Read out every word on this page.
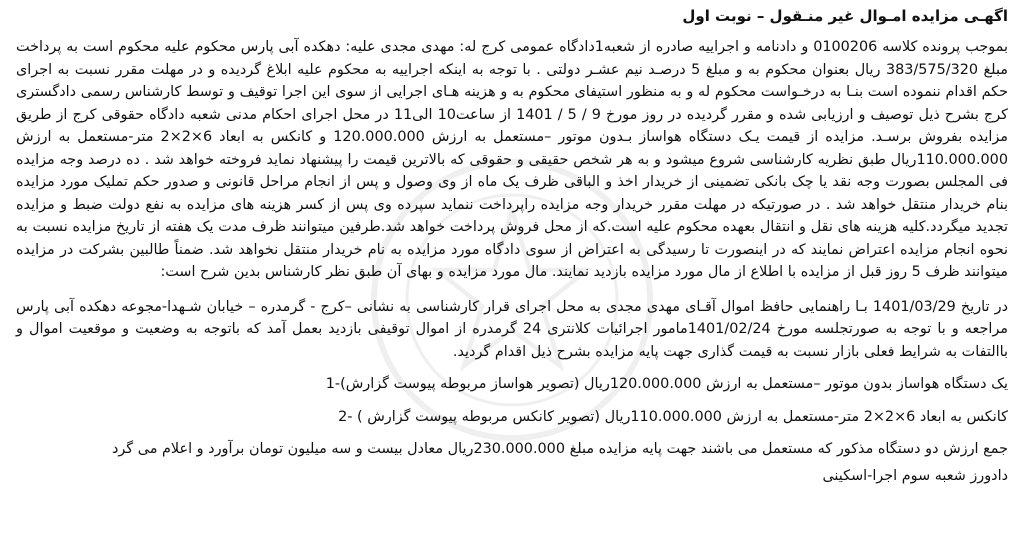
اگهـی مزایده امـوال غیر منـقول – نوبت اول

بموجب پرونده کلاسه 0100206 و دادنامه و اجراییه صادره از شعبه1دادگاه عمومی کرج له: مهدی مجدی علیه: دهکده آبی پارس محکوم علیه محکوم است به پرداخت مبلغ 383/575/320 ریال بعنوان محکوم به و مبلغ 5 درصـد نیم عشـر دولتی . با توجه به اینکه اجراییه به محکوم علیه ابلاغ گردیده و در مهلت مقرر نسبت به اجرای حکم اقدام ننموده است بنـا به درخـواست محکوم له و به منظور استیفای محکوم به و هزینه هـای اجرایی از سوی این اجرا توقیف و توسط کارشناس رسمی دادگستری کرج بشرح ذیل توصیف و ارزیابی شده و مقرر گردیده در روز مورخ 9 / 5 / 1401 از ساعت10 الی11 در محل اجرای احکام مدنی شعبه دادگاه حقوقی کرج از طریق مزایده بفروش برسـد. مزایده از قیمت یـک دستگاه هواساز بـدون موتور –مستعمل به ارزش 120.000.000 و کانکس به ابعاد 6×2×2 متر-مستعمل به ارزش 110.000.000ریال طبق نظریه کارشناسی شروع میشود و به هر شخص حقیقی و حقوقی که بالاترین قیمت را پیشنهاد نماید فروخته خواهد شد . ده درصد وجه مزایده فی المجلس بصورت وجه نقد یا چک بانکی تضمینی از خریدار اخذ و الباقی ظرف یک ماه از وی وصول و پس از انجام مراحل قانونی و صدور حکم تملیک مورد مزایده بنام خریدار منتقل خواهد شد . در صورتیکه در مهلت مقرر خریدار وجه مزایده راپرداخت ننماید سپرده وی پس از کسر هزینه های مزایده به نفع دولت ضبط و مزایده تجدید میگردد.کلیه هزینه های نقل و انتقال بعهده محکوم علیه است.که از محل فروش پرداخت خواهد شد.طرفین میتوانند ظرف مدت یک هفته از تاریخ مزایده نسبت به نحوه انجام مزایده اعتراض نمایند که در اینصورت تا رسیدگی به اعتراض از سوی دادگاه مورد مزایده به نام خریدار منتقل نخواهد شد. ضمناً طالبین بشرکت در مزایده میتوانند ظرف 5 روز قبل از مزایده با اطلاع از مال مورد مزایده بازدید نمایند. مال مورد مزایده و بهای آن طبق نظر کارشناس بدین شرح است:

در تاریخ 1401/03/29 بـا راهنمایی حافظ اموال آقـای مهدی مجدی به محل اجرای قرار کارشناسی به نشانی –کرج - گرمدره – خیابان شـهدا-مجوعه دهکده آبی پارس مراجعه و با توجه به صورتجلسه مورخ 1401/02/24مامور اجرائیات کلانتری 24 گرمدره از اموال توقیفی بازدید بعمل آمد که باتوجه به وضعیت و موقعیت اموال و باالتفات به شرایط فعلی بازار نسبت به قیمت گذاری جهت پایه مزایده بشرح ذیل اقدام گردید.

یک دستگاه هواساز بدون موتور –مستعمل به ارزش 120.000.000ریال (تصویر هواساز مربوطه پیوست گزارش)-1

کانکس به ابعاد 6×2×2 متر-مستعمل به ارزش 110.000.000ریال (تصویر کانکس مربوطه پیوست گزارش ) -2

جمع ارزش دو دستگاه مذکور که مستعمل می باشند جهت پایه مزایده مبلغ 230.000.000ریال معادل بیست و سه میلیون تومان برآورد و اعلام می گرد

دادورز شعبه سوم اجرا-اسکینی
